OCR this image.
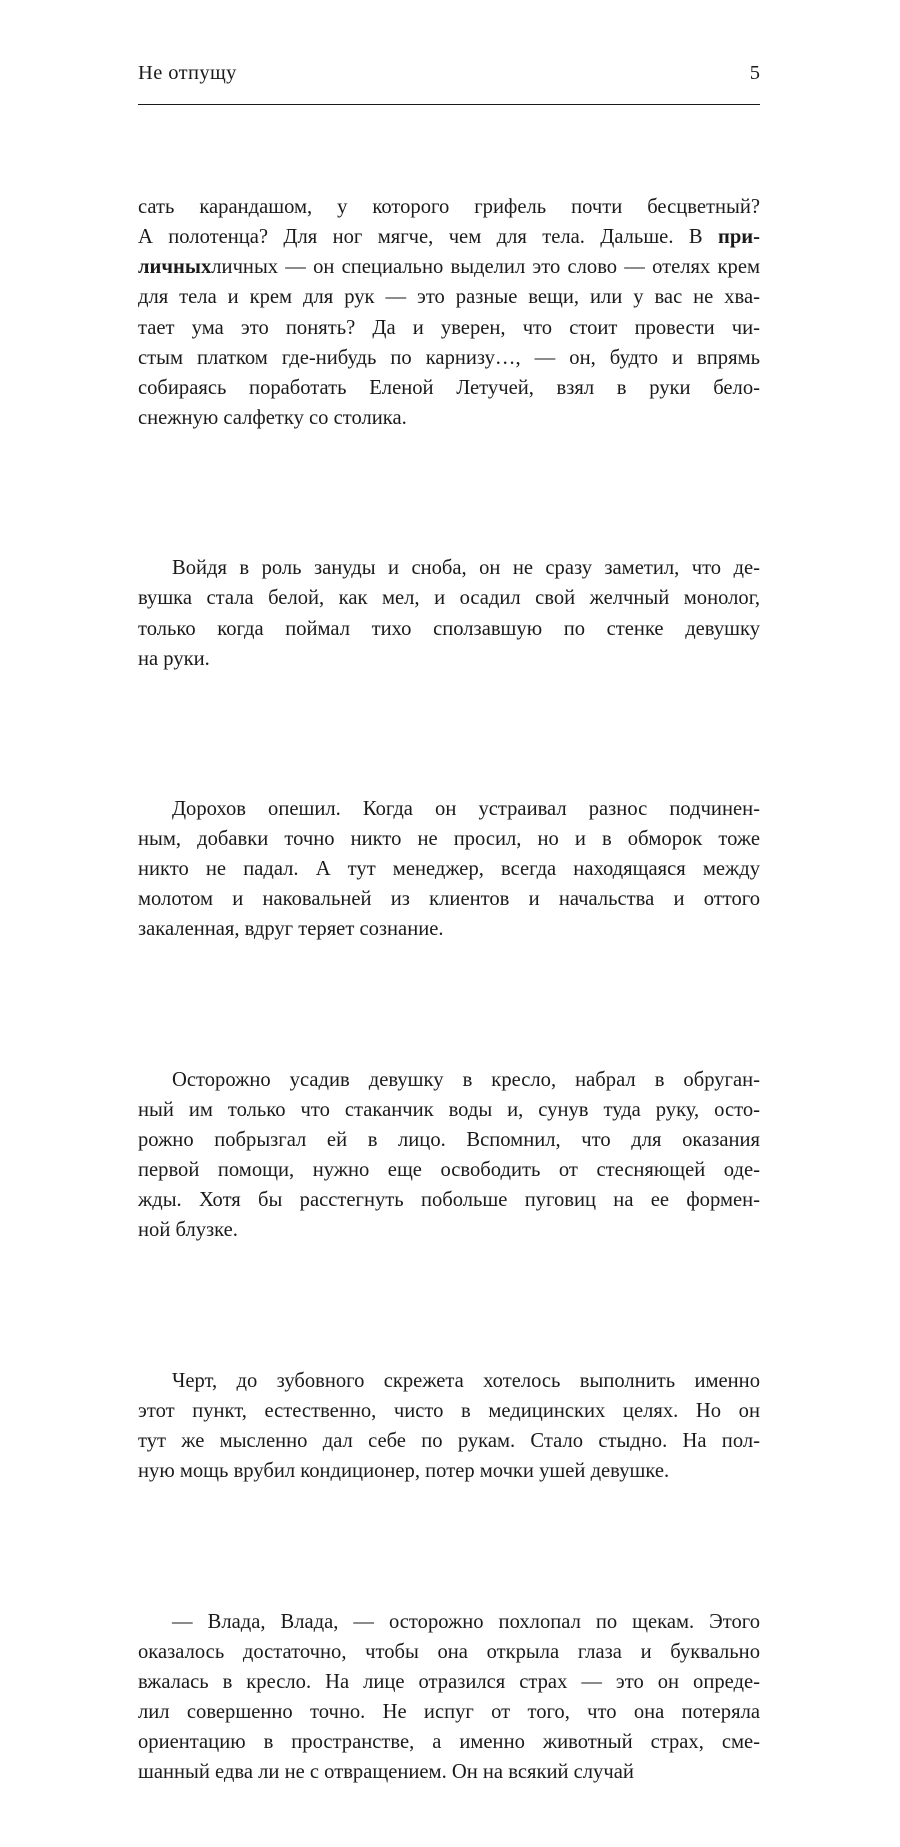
Не отпущу	5

сать карандашом, у которого грифель почти бесцветный?
А полотенца? Для ног мягче, чем для тела. Дальше. В при-
личныхличных — он специально выделил это слово — отелях крем
для тела и крем для рук — это разные вещи, или у вас не хва-
тает ума это понять? Да и уверен, что стоит провести чи-
стым платком где-нибудь по карнизу…, — он, будто и впрямь
собираясь поработать Еленой Летучей, взял в руки бело-
снежную салфетку со столика.

Войдя в роль зануды и сноба, он не сразу заметил, что де-
вушка стала белой, как мел, и осадил свой желчный монолог,
только когда поймал тихо сползавшую по стенке девушку
на руки.

Дорохов опешил. Когда он устраивал разнос подчинен-
ным, добавки точно никто не просил, но и в обморок тоже
никто не падал. А тут менеджер, всегда находящаяся между
молотом и наковальней из клиентов и начальства и оттого
закаленная, вдруг теряет сознание.

Осторожно усадив девушку в кресло, набрал в обруган-
ный им только что стаканчик воды и, сунув туда руку, осто-
рожно побрызгал ей в лицо. Вспомнил, что для оказания
первой помощи, нужно еще освободить от стесняющей оде-
жды. Хотя бы расстегнуть побольше пуговиц на ее формен-
ной блузке.

Черт, до зубовного скрежета хотелось выполнить именно
этот пункт, естественно, чисто в медицинских целях. Но он
тут же мысленно дал себе по рукам. Стало стыдно. На пол-
ную мощь врубил кондиционер, потер мочки ушей девушке.

— Влада, Влада, — осторожно похлопал по щекам. Этого
оказалось достаточно, чтобы она открыла глаза и буквально
вжалась в кресло. На лице отразился страх — это он опреде-
лил совершенно точно. Не испуг от того, что она потеряла
ориентацию в пространстве, а именно животный страх, сме-
шанный едва ли не с отвращением. Он на всякий случай
